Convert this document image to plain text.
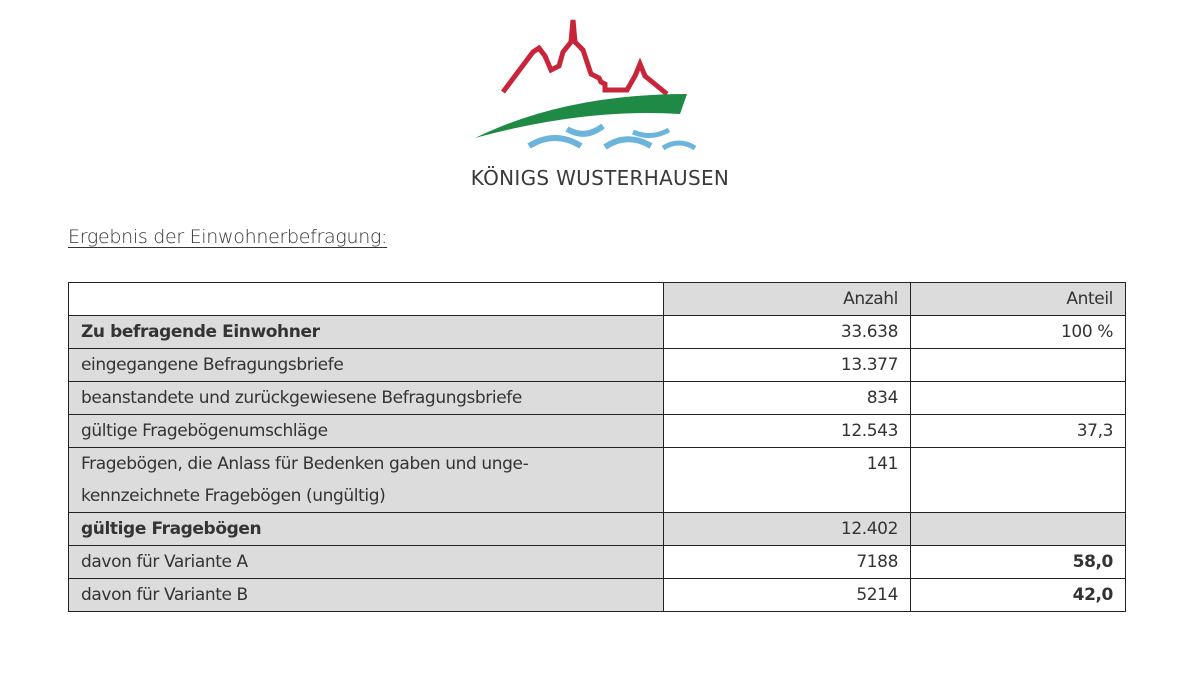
KÖNIGS WUSTERHAUSEN
Ergebnis der Einwohnerbefragung:
	Anzahl	Anteil
Zu befragende Einwohner	33.638	100 %
eingegangene Befragungsbriefe	13.377	
beanstandete und zurückgewiesene Befragungsbriefe	834	
gültige Fragebögenumschläge	12.543	37,3

Fragebögen, die Anlass für Bedenken gaben und unge-
kennzeichnete Fragebögen (ungültig)	141	
gültige Fragebögen	12.402	
davon für Variante A	7188	58,0
davon für Variante B	5214	42,0
